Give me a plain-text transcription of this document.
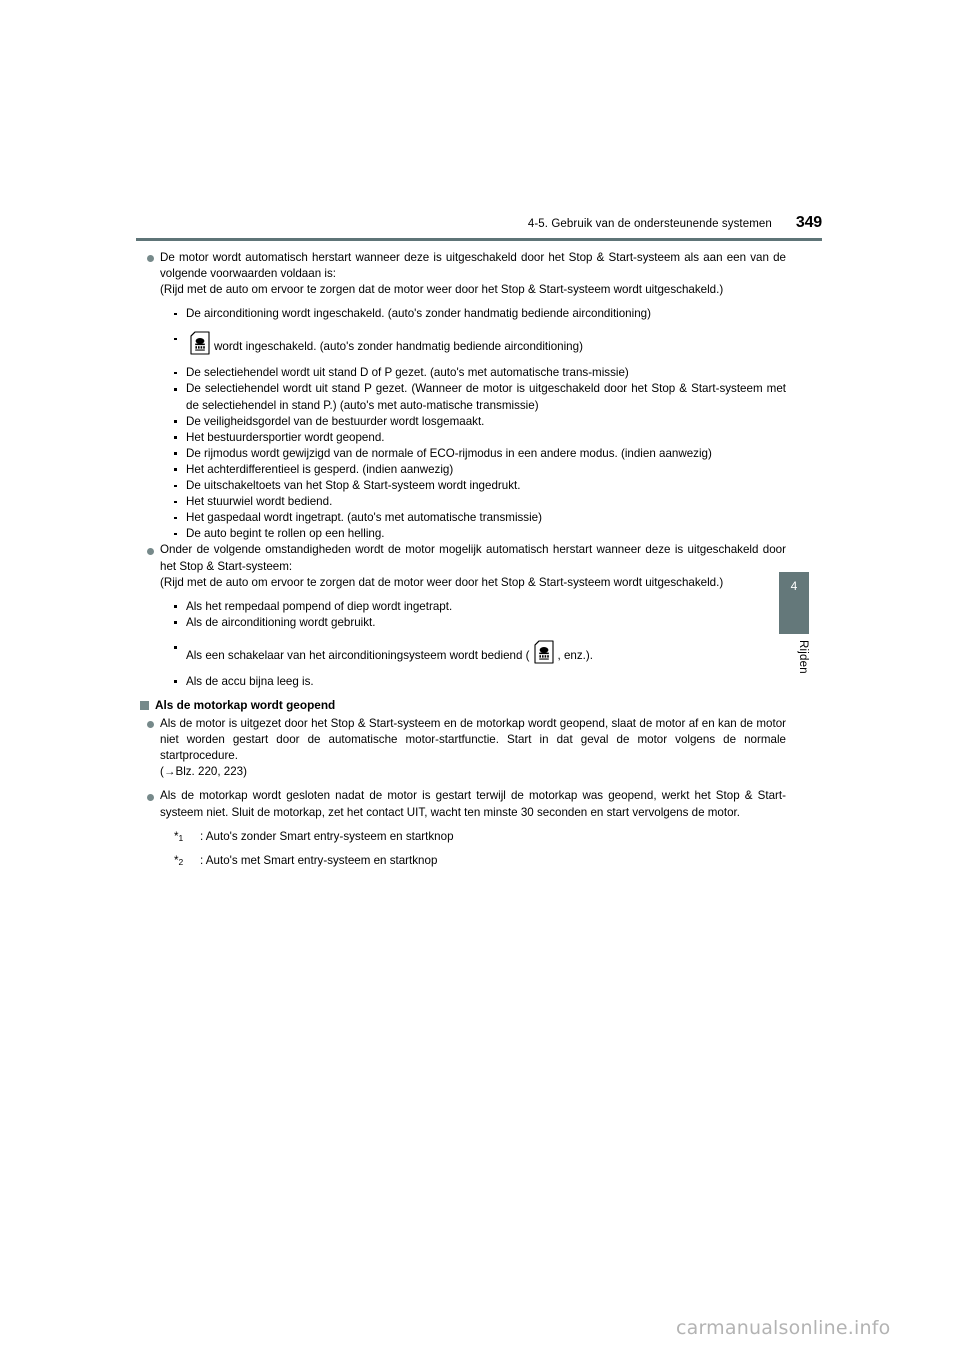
4-5. Gebruik van de ondersteunende systemen 349
4
Rijden

De motor wordt automatisch herstart wanneer deze is uitgeschakeld door het Stop & Start-systeem als aan een van de volgende voorwaarden voldaan is:

(Rijd met de auto om ervoor te zorgen dat de motor weer door het Stop & Start-systeem wordt uitgeschakeld.)

De airconditioning wordt ingeschakeld. (auto's zonder handmatig bediende airconditioning)

wordt ingeschakeld. (auto's zonder handmatig bediende airconditioning)

De selectiehendel wordt uit stand D of P gezet. (auto's met automatische trans-missie)

De selectiehendel wordt uit stand P gezet. (Wanneer de motor is uitgeschakeld door het Stop & Start-systeem met de selectiehendel in stand P.) (auto's met auto-matische transmissie)

De veiligheidsgordel van de bestuurder wordt losgemaakt.

Het bestuurdersportier wordt geopend.

De rijmodus wordt gewijzigd van de normale of ECO-rijmodus in een andere modus. (indien aanwezig)

Het achterdifferentieel is gesperd. (indien aanwezig)

De uitschakeltoets van het Stop & Start-systeem wordt ingedrukt.

Het stuurwiel wordt bediend.

Het gaspedaal wordt ingetrapt. (auto's met automatische transmissie)

De auto begint te rollen op een helling.

Onder de volgende omstandigheden wordt de motor mogelijk automatisch herstart wanneer deze is uitgeschakeld door het Stop & Start-systeem:

(Rijd met de auto om ervoor te zorgen dat de motor weer door het Stop & Start-systeem wordt uitgeschakeld.)

Als het rempedaal pompend of diep wordt ingetrapt.

Als de airconditioning wordt gebruikt.

Als een schakelaar van het airconditioningsysteem wordt bediend ( , enz.).

Als de accu bijna leeg is.

Als de motorkap wordt geopend

Als de motor is uitgezet door het Stop & Start-systeem en de motorkap wordt geopend, slaat de motor af en kan de motor niet worden gestart door de automatische motor-startfunctie. Start in dat geval de motor volgens de normale startprocedure.

(→Blz. 220, 223)

Als de motorkap wordt gesloten nadat de motor is gestart terwijl de motorkap was geopend, werkt het Stop & Start-systeem niet. Sluit de motorkap, zet het contact UIT, wacht ten minste 30 seconden en start vervolgens de motor.

*$^1$ : Auto's zonder Smart entry-systeem en startknop
*$^2$ : Auto's met Smart entry-systeem en startknop
carmanualsonline.info
